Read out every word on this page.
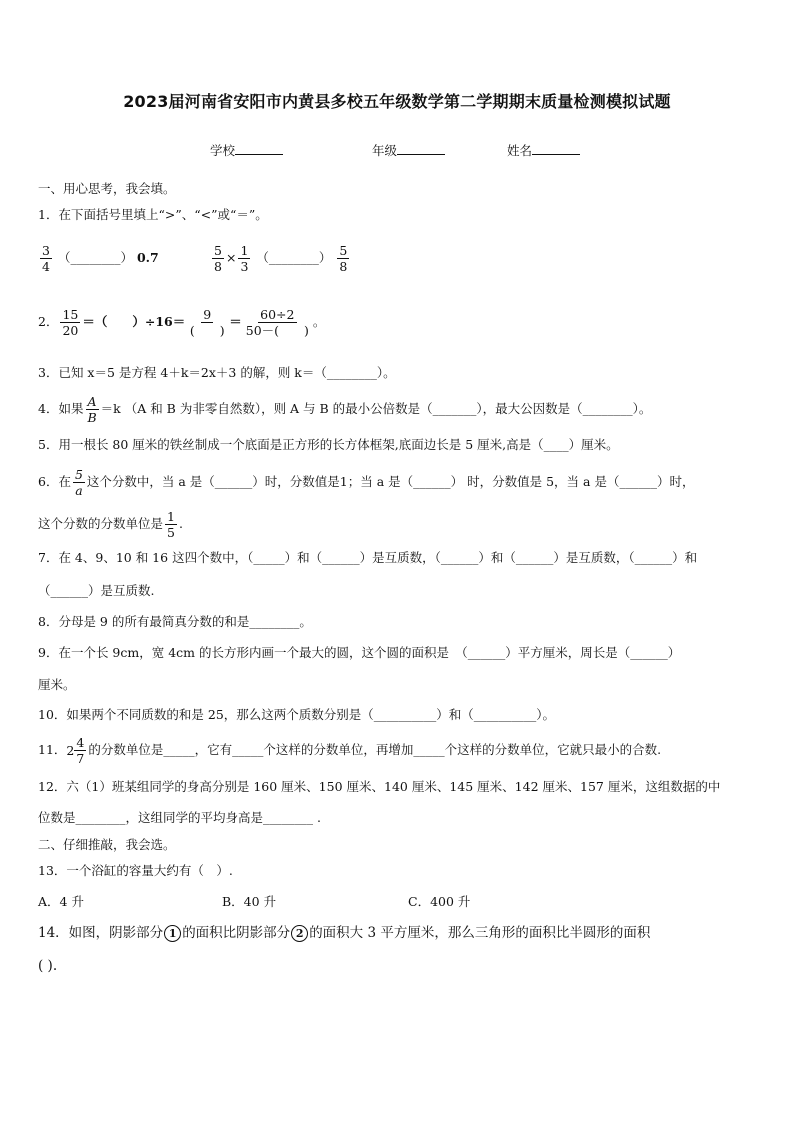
2023届河南省安阳市内黄县多校五年级数学第二学期期末质量检测模拟试题
学校	年级	姓名
一、用心思考，我会填。
1．在下面括号里填上“>”、“<”或“＝”。
$\frac{3}{4}$ （________） 0.7	$\frac{5}{8} \times \frac{1}{3}$ （________） $\frac{5}{8}$
2． $\frac{15}{20}$ ＝（　　）$\div 16= \frac{9}{( )} = \frac{60\div 2}{50-( )}$ 。
3．已知 x＝5 是方程 4＋k＝2x＋3 的解，则 k＝（________）。
4．如果 $\frac{A}{B} =k$ （A 和 B 为非零自然数），则 A 与 B 的最小公倍数是（_______），最大公因数是（________）。
5．用一根长 80 厘米的铁丝制成一个底面是正方形的长方体框架,底面边长是 5 厘米,高是（____）厘米。
6．在 $\frac{5}{a}$ 这个分数中，当 a 是（______）时，分数值是1；当 a 是（______） 时，分数值是 5，当 a 是（______）时，
这个分数的分数单位是 $\frac{1}{5}$ .
7．在 4、9、10 和 16 这四个数中，（_____）和（______）是互质数，（______）和（______）是互质数，（______）和
（______）是互质数.
8．分母是 9 的所有最简真分数的和是________。
9．在一个长 9cm，宽 4cm 的长方形内画一个最大的圆，这个圆的面积是　（______）平方厘米，周长是（______）
厘米。
10．如果两个不同质数的和是 25，那么这两个质数分别是（__________）和（__________）。
11． $2 \frac{4}{7}$ 的分数单位是_____，它有_____个这样的分数单位，再增加_____个这样的分数单位，它就只最小的合数.
12．六（1）班某组同学的身高分别是 160 厘米、150 厘米、140 厘米、145 厘米、142 厘米、157 厘米，这组数据的中
位数是________，这组同学的平均身高是________ .
二、仔细推敲，我会选。
13．一个浴缸的容量大约有（　）.
A．4 升	B．40 升	C．400 升
14．如图，阴影部分 1 的面积比阴影部分 2 的面积大 3 平方厘米，那么三角形的面积比半圆形的面积
( ).
